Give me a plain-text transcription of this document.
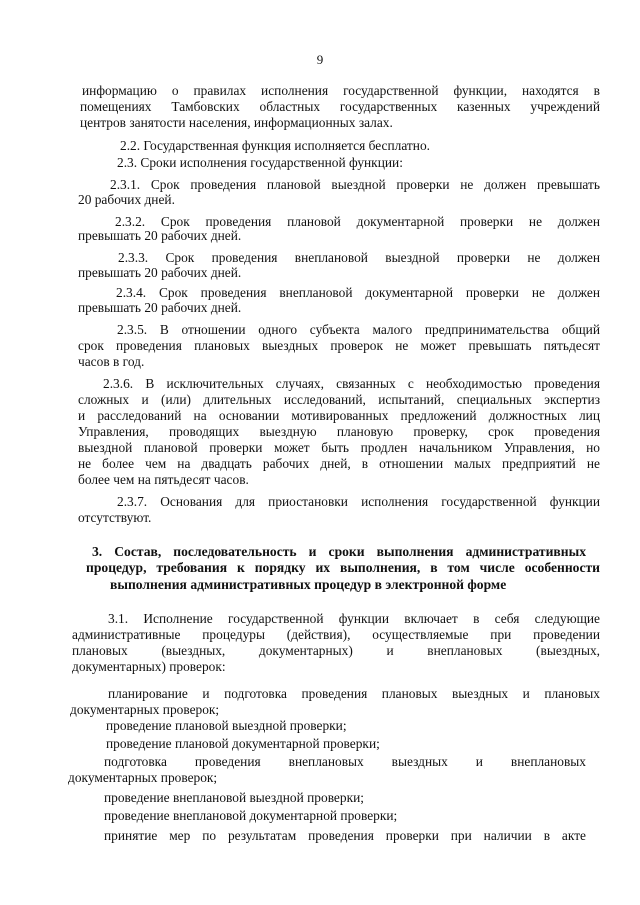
9

информацию о правилах исполнения государственной функции, находятся в

помещениях Тамбовских областных государственных казенных учреждений

центров занятости населения, информационных залах.

2.2. Государственная функция исполняется бесплатно.

2.3. Сроки исполнения государственной функции:

2.3.1. Срок проведения плановой выездной проверки не должен превышать

20 рабочих дней.

2.3.2. Срок проведения плановой документарной проверки не должен

превышать 20 рабочих дней.

2.3.3. Срок проведения внеплановой выездной проверки не должен

превышать 20 рабочих дней.

2.3.4. Срок проведения внеплановой документарной проверки не должен

превышать 20 рабочих дней.

2.3.5. В отношении одного субъекта малого предпринимательства общий

срок проведения плановых выездных проверок не может превышать пятьдесят

часов в год.

2.3.6. В исключительных случаях, связанных с необходимостью проведения

сложных и (или) длительных исследований, испытаний, специальных экспертиз

и расследований на основании мотивированных предложений должностных лиц

Управления, проводящих выездную плановую проверку, срок проведения

выездной плановой проверки может быть продлен начальником Управления, но

не более чем на двадцать рабочих дней, в отношении малых предприятий не

более чем на пятьдесят часов.

2.3.7. Основания для приостановки исполнения государственной функции

отсутствуют.

3. Состав, последовательность и сроки выполнения административных

процедур, требования к порядку их выполнения, в том числе особенности

выполнения административных процедур в электронной форме

3.1. Исполнение государственной функции включает в себя следующие

административные процедуры (действия), осуществляемые при проведении

плановых (выездных, документарных) и внеплановых (выездных,

документарных) проверок:

планирование и подготовка проведения плановых выездных и плановых

документарных проверок;

проведение плановой выездной проверки;

проведение плановой документарной проверки;

подготовка проведения внеплановых выездных и внеплановых

документарных проверок;

проведение внеплановой выездной проверки;

проведение внеплановой документарной проверки;

принятие мер по результатам проведения проверки при наличии в акте
